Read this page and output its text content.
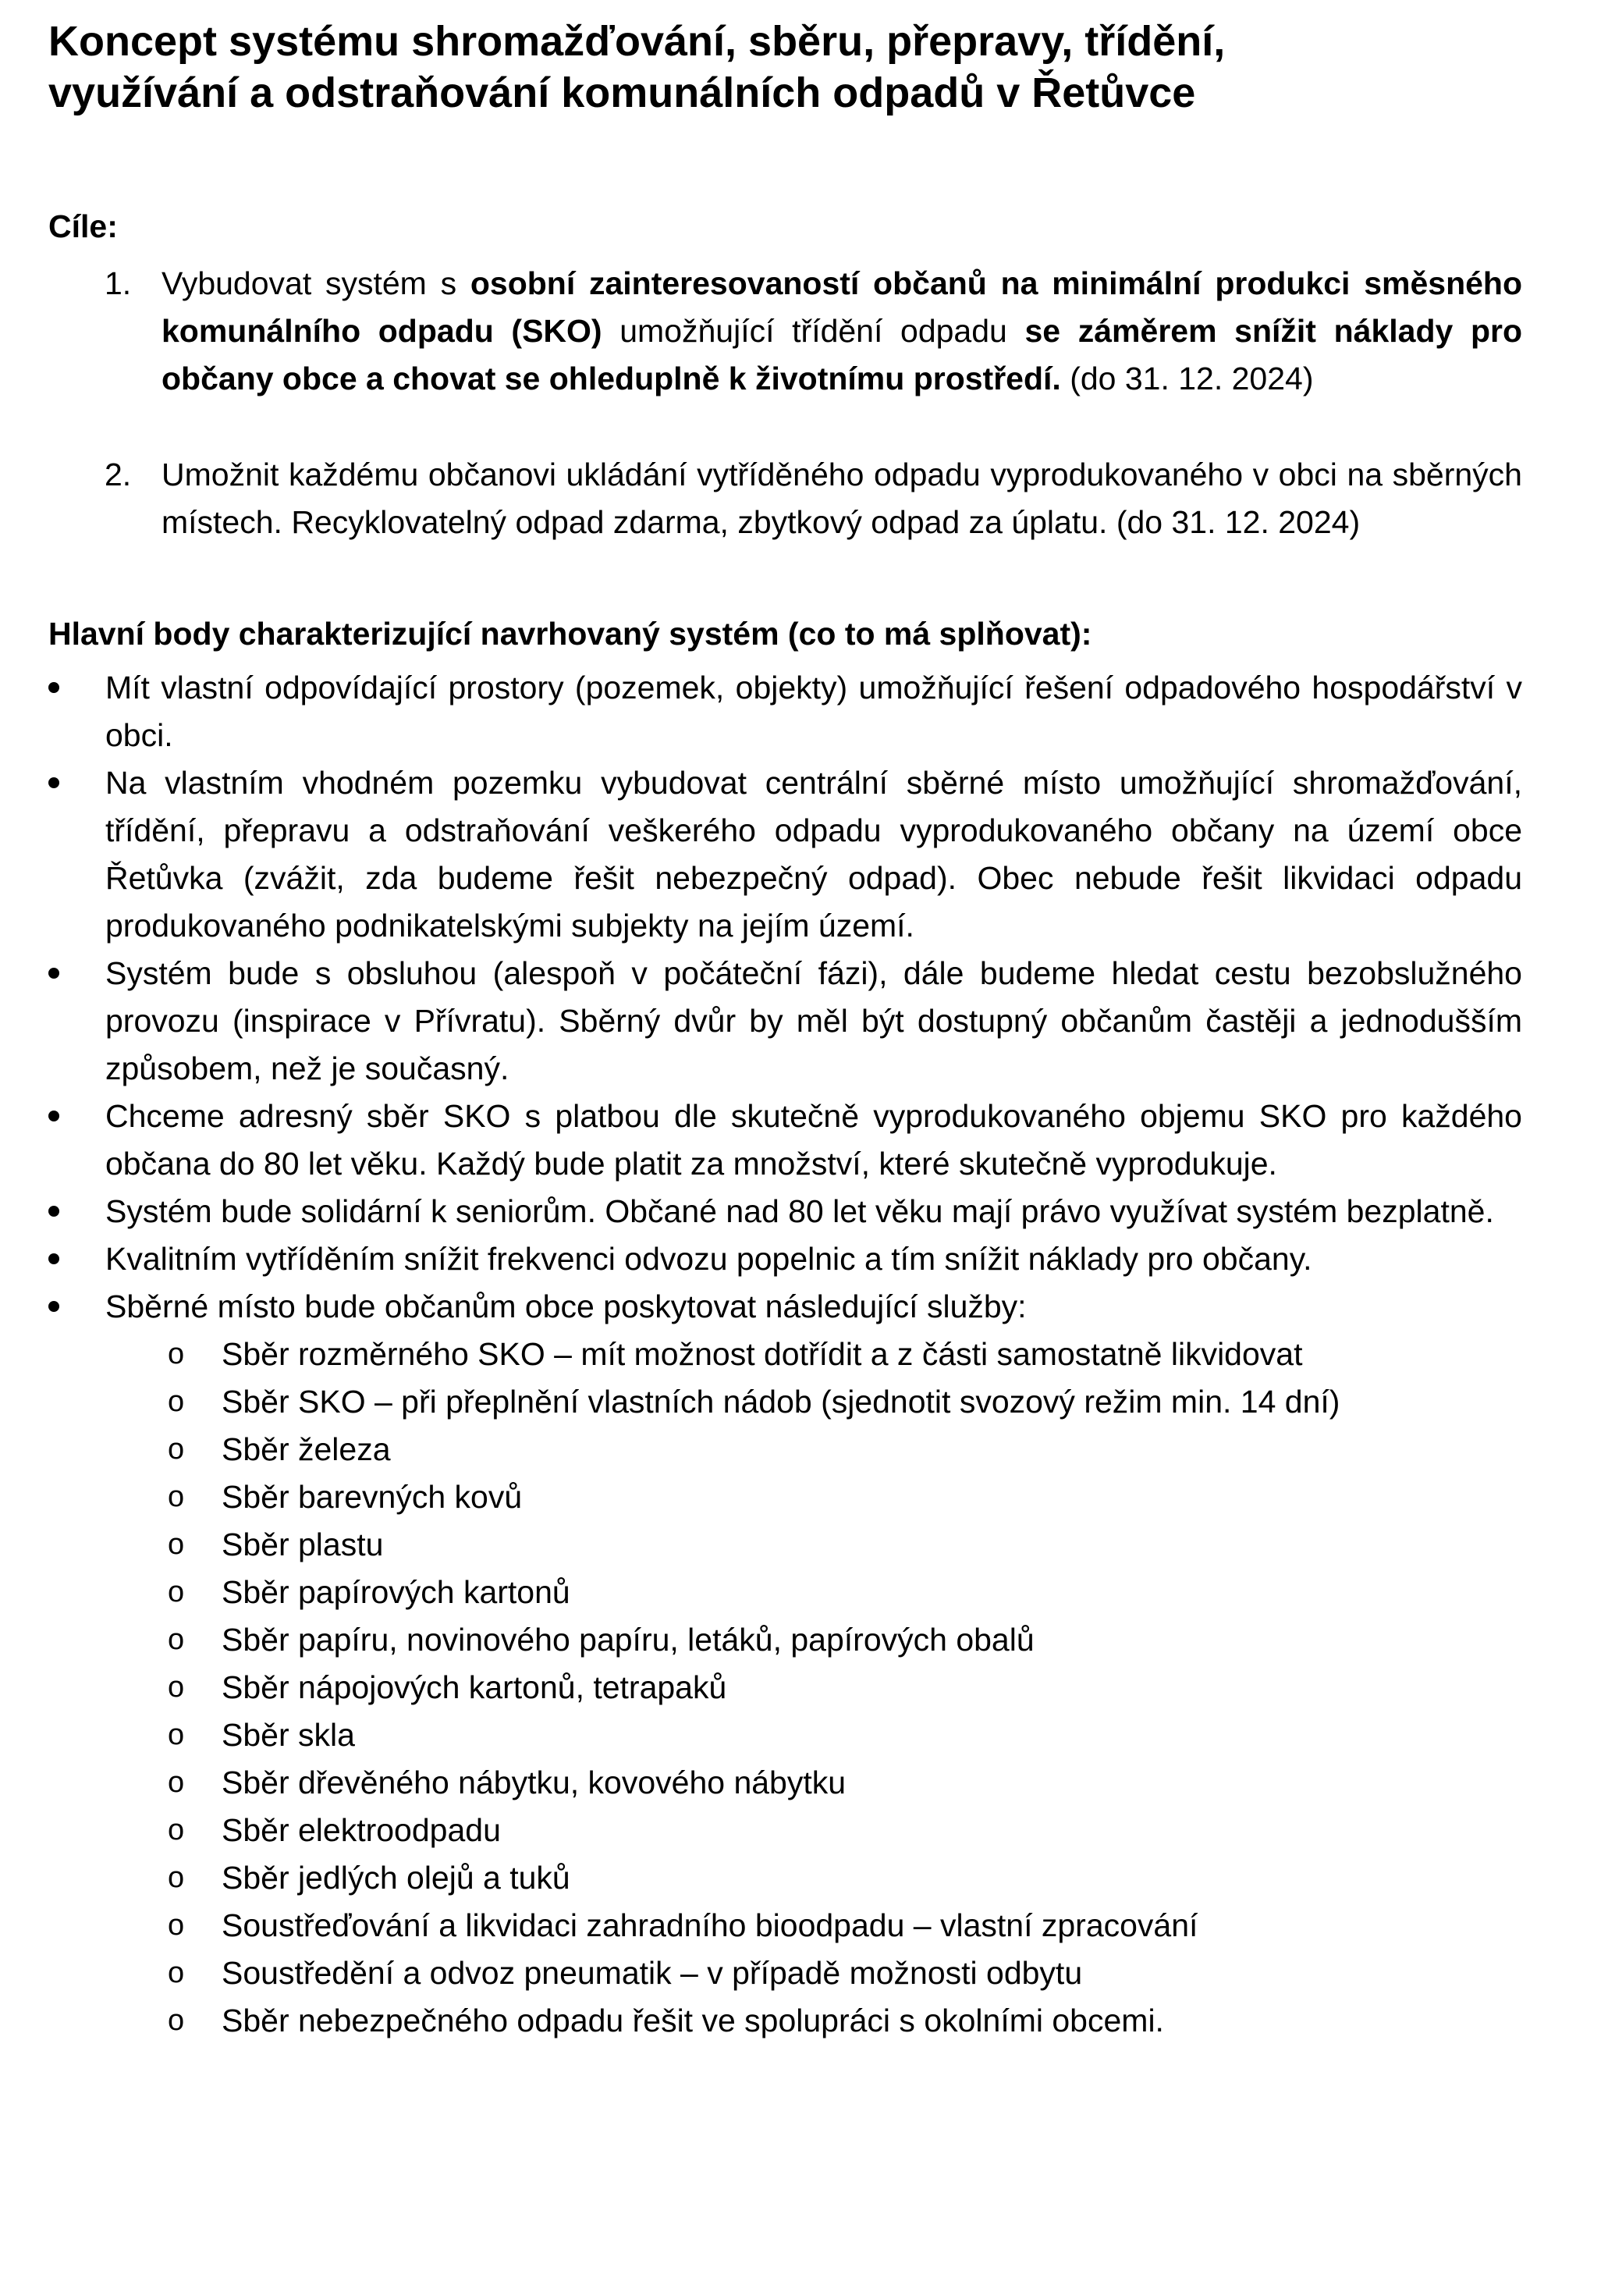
Koncept systému shromažďování, sběru, přepravy, třídění,
využívání a odstraňování komunálních odpadů v Řetůvce

Cíle:

1. Vybudovat systém s osobní zainteresovaností občanů na minimální produkci směsného komunálního odpadu (SKO) umožňující třídění odpadu se záměrem snížit náklady pro občany obce a chovat se ohleduplně k životnímu prostředí. (do 31. 12. 2024)
2. Umožnit každému občanovi ukládání vytříděného odpadu vyprodukovaného v obci na sběrných místech. Recyklovatelný odpad zdarma, zbytkový odpad za úplatu. (do 31. 12. 2024)

Hlavní body charakterizující navrhovaný systém (co to má splňovat):

Mít vlastní odpovídající prostory (pozemek, objekty) umožňující řešení odpadového hospodářství v obci.
Na vlastním vhodném pozemku vybudovat centrální sběrné místo umožňující shromažďování, třídění, přepravu a odstraňování veškerého odpadu vyprodukovaného občany na území obce Řetůvka (zvážit, zda budeme řešit nebezpečný odpad). Obec nebude řešit likvidaci odpadu produkovaného podnikatelskými subjekty na jejím území.
Systém bude s obsluhou (alespoň v počáteční fázi), dále budeme hledat cestu bezobslužného provozu (inspirace v Přívratu). Sběrný dvůr by měl být dostupný občanům častěji a jednodušším způsobem, než je současný.
Chceme adresný sběr SKO s platbou dle skutečně vyprodukovaného objemu SKO pro každého občana do 80 let věku. Každý bude platit za množství, které skutečně vyprodukuje.
Systém bude solidární k seniorům. Občané nad 80 let věku mají právo využívat systém bezplatně.
Kvalitním vytříděním snížit frekvenci odvozu popelnic a tím snížit náklady pro občany.
Sběrné místo bude občanům obce poskytovat následující služby:
o Sběr rozměrného SKO – mít možnost dotřídit a z části samostatně likvidovat
o Sběr SKO – při přeplnění vlastních nádob (sjednotit svozový režim min. 14 dní)
o Sběr železa
o Sběr barevných kovů
o Sběr plastu
o Sběr papírových kartonů
o Sběr papíru, novinového papíru, letáků, papírových obalů
o Sběr nápojových kartonů, tetrapaků
o Sběr skla
o Sběr dřevěného nábytku, kovového nábytku
o Sběr elektroodpadu
o Sběr jedlých olejů a tuků
o Soustřeďování a likvidaci zahradního bioodpadu – vlastní zpracování
o Soustředění a odvoz pneumatik – v případě možnosti odbytu
o Sběr nebezpečného odpadu řešit ve spolupráci s okolními obcemi.
